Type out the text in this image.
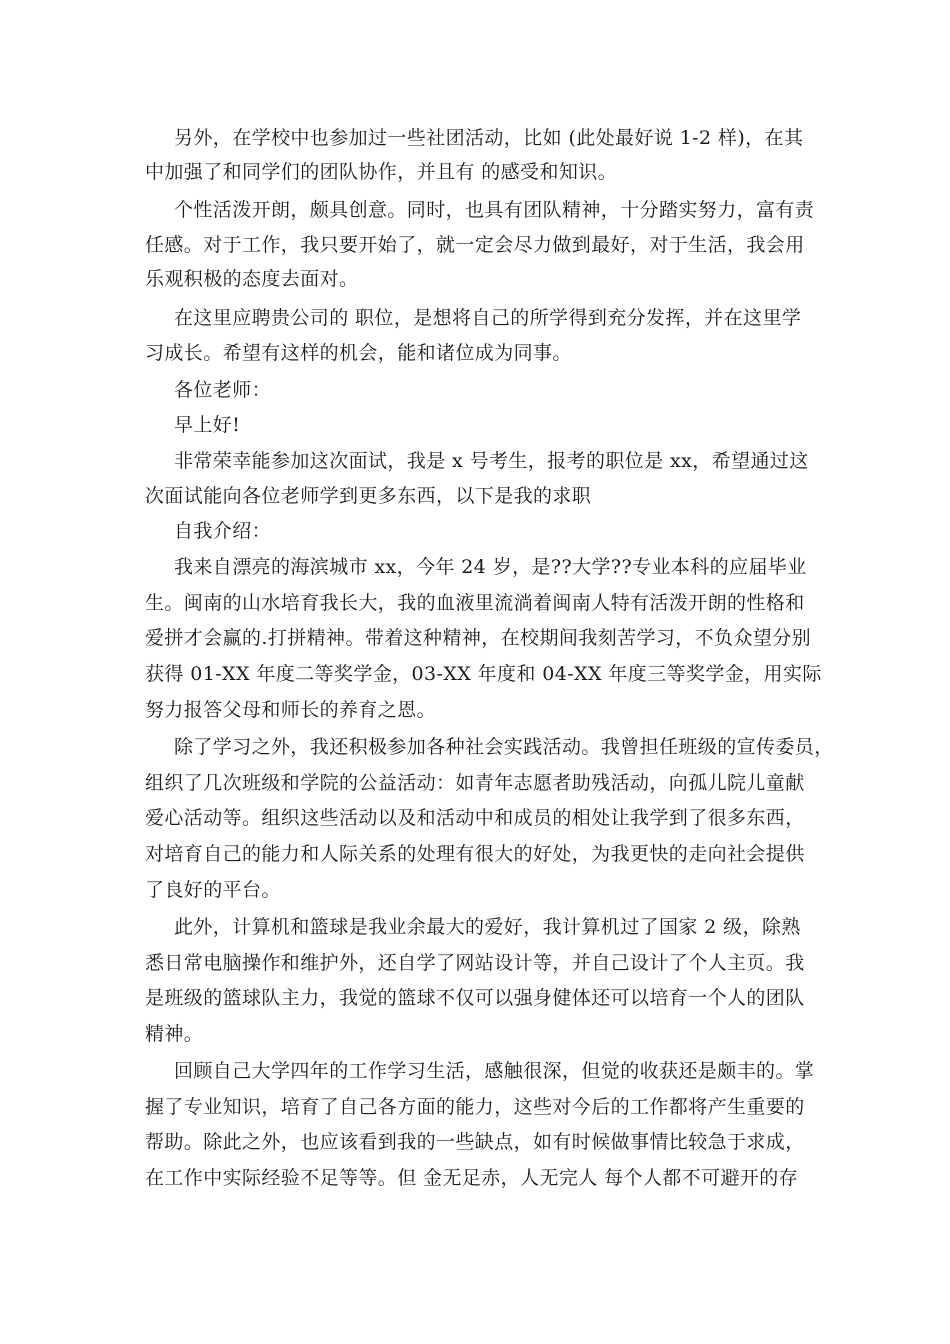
另外，在学校中也参加过一些社团活动，比如 (此处最好说 1-2 样)，在其
中加强了和同学们的团队协作，并且有 的感受和知识。
个性活泼开朗，颇具创意。同时，也具有团队精神，十分踏实努力，富有责
任感。对于工作，我只要开始了，就一定会尽力做到最好，对于生活，我会用
乐观积极的态度去面对。
在这里应聘贵公司的 职位，是想将自己的所学得到充分发挥，并在这里学
习成长。希望有这样的机会，能和诸位成为同事。
各位老师：
早上好!
非常荣幸能参加这次面试，我是 x 号考生，报考的职位是 xx，希望通过这
次面试能向各位老师学到更多东西，以下是我的求职
自我介绍：
我来自漂亮的海滨城市 xx，今年 24 岁，是??大学??专业本科的应届毕业
生。闽南的山水培育我长大，我的血液里流淌着闽南人特有活泼开朗的性格和
爱拼才会赢的.打拼精神。带着这种精神，在校期间我刻苦学习，不负众望分别
获得 01-XX 年度二等奖学金，03-XX 年度和 04-XX 年度三等奖学金，用实际
努力报答父母和师长的养育之恩。
除了学习之外，我还积极参加各种社会实践活动。我曾担任班级的宣传委员，
组织了几次班级和学院的公益活动：如青年志愿者助残活动，向孤儿院儿童献
爱心活动等。组织这些活动以及和活动中和成员的相处让我学到了很多东西，
对培育自己的能力和人际关系的处理有很大的好处，为我更快的走向社会提供
了良好的平台。
此外，计算机和篮球是我业余最大的爱好，我计算机过了国家 2 级，除熟
悉日常电脑操作和维护外，还自学了网站设计等，并自己设计了个人主页。我
是班级的篮球队主力，我觉的篮球不仅可以强身健体还可以培育一个人的团队
精神。
回顾自己大学四年的工作学习生活，感触很深，但觉的收获还是颇丰的。掌
握了专业知识，培育了自己各方面的能力，这些对今后的工作都将产生重要的
帮助。除此之外，也应该看到我的一些缺点，如有时候做事情比较急于求成，
在工作中实际经验不足等等。但 金无足赤，人无完人 每个人都不可避开的存
